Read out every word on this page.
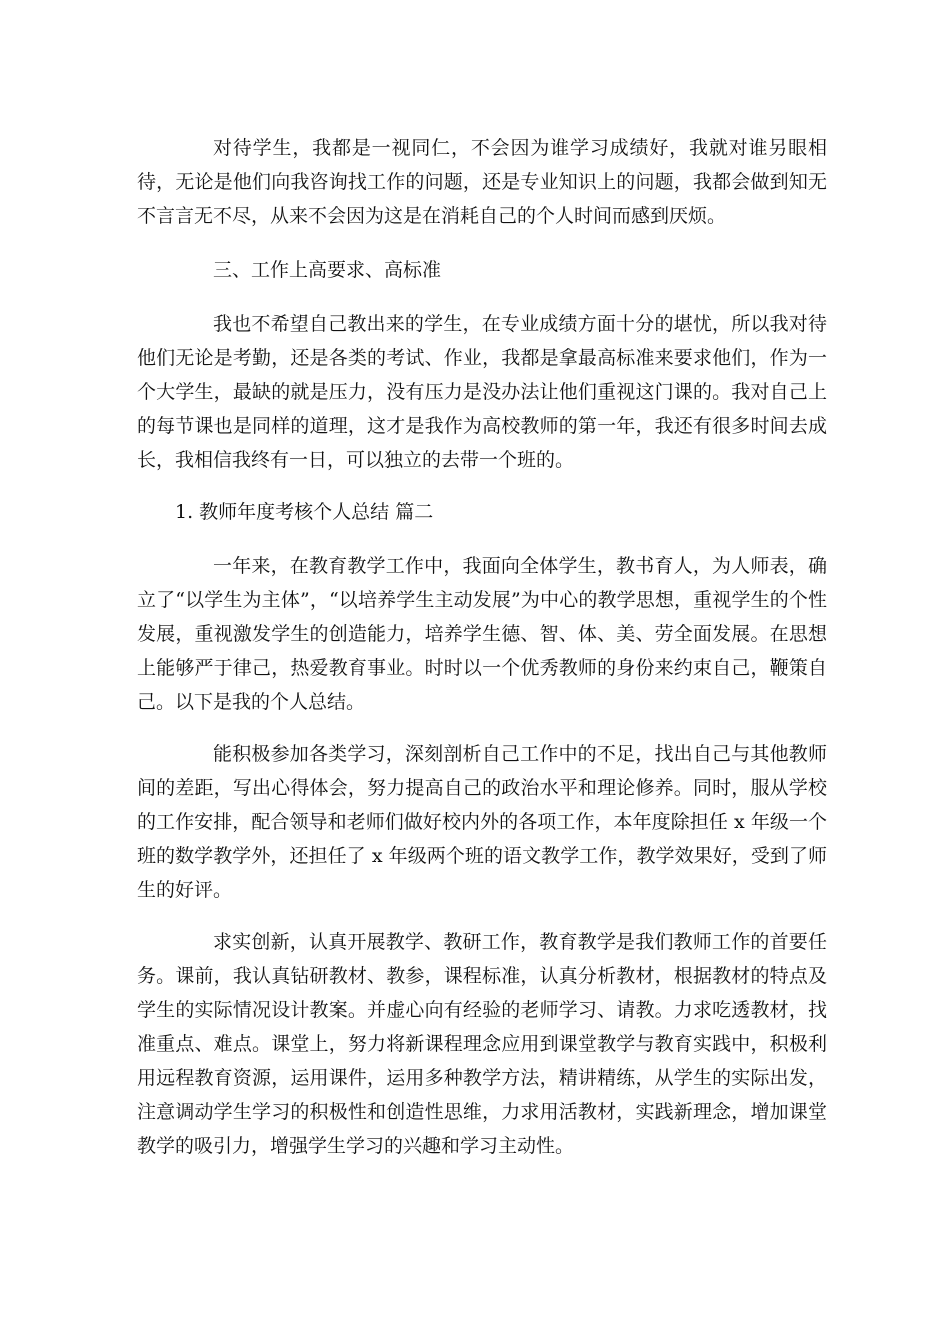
对待学生，我都是一视同仁，不会因为谁学习成绩好，我就对谁另眼相待，无论是他们向我咨询找工作的问题，还是专业知识上的问题，我都会做到知无不言言无不尽，从来不会因为这是在消耗自己的个人时间而感到厌烦。

三、工作上高要求、高标准

我也不希望自己教出来的学生，在专业成绩方面十分的堪忧，所以我对待他们无论是考勤，还是各类的考试、作业，我都是拿最高标准来要求他们，作为一个大学生，最缺的就是压力，没有压力是没办法让他们重视这门课的。我对自己上的每节课也是同样的道理，这才是我作为高校教师的第一年，我还有很多时间去成长，我相信我终有一日，可以独立的去带一个班的。

1. 教师年度考核个人总结 篇二

一年来，在教育教学工作中，我面向全体学生，教书育人，为人师表，确立了“以学生为主体”，“以培养学生主动发展”为中心的教学思想，重视学生的个性发展，重视激发学生的创造能力，培养学生德、智、体、美、劳全面发展。在思想上能够严于律己，热爱教育事业。时时以一个优秀教师的身份来约束自己，鞭策自己。以下是我的个人总结。

能积极参加各类学习，深刻剖析自己工作中的不足，找出自己与其他教师间的差距，写出心得体会，努力提高自己的政治水平和理论修养。同时，服从学校的工作安排，配合领导和老师们做好校内外的各项工作，本年度除担任 x 年级一个班的数学教学外，还担任了 x 年级两个班的语文教学工作，教学效果好，受到了师生的好评。

求实创新，认真开展教学、教研工作，教育教学是我们教师工作的首要任务。课前，我认真钻研教材、教参，课程标准，认真分析教材，根据教材的特点及学生的实际情况设计教案。并虚心向有经验的老师学习、请教。力求吃透教材，找准重点、难点。课堂上，努力将新课程理念应用到课堂教学与教育实践中，积极利用远程教育资源，运用课件，运用多种教学方法，精讲精练，从学生的实际出发，注意调动学生学习的积极性和创造性思维，力求用活教材，实践新理念，增加课堂教学的吸引力，增强学生学习的兴趣和学习主动性。
